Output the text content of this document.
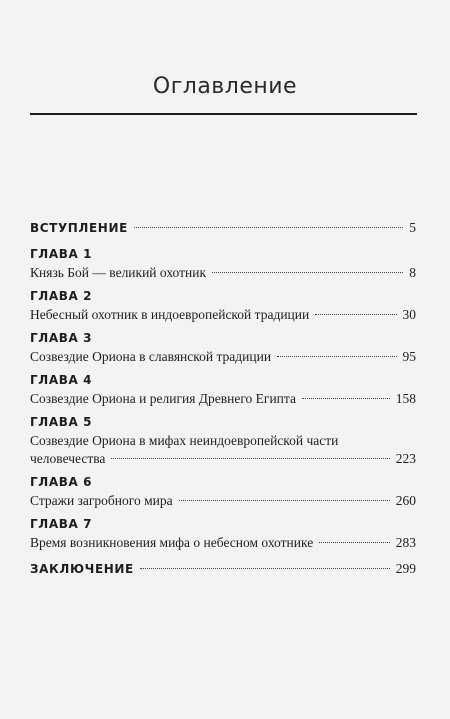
Оглавление
ВСТУПЛЕНИЕ	5
ГЛАВА 1
Князь Бой — великий охотник	8
ГЛАВА 2
Небесный охотник в индоевропейской традиции	30
ГЛАВА 3
Созвездие Ориона в славянской традиции	95
ГЛАВА 4
Созвездие Ориона и религия Древнего Египта	158
ГЛАВА 5
Созвездие Ориона в мифах неиндоевропейской части
человечества	223
ГЛАВА 6
Стражи загробного мира	260
ГЛАВА 7
Время возникновения мифа о небесном охотнике	283
ЗАКЛЮЧЕНИЕ	299
